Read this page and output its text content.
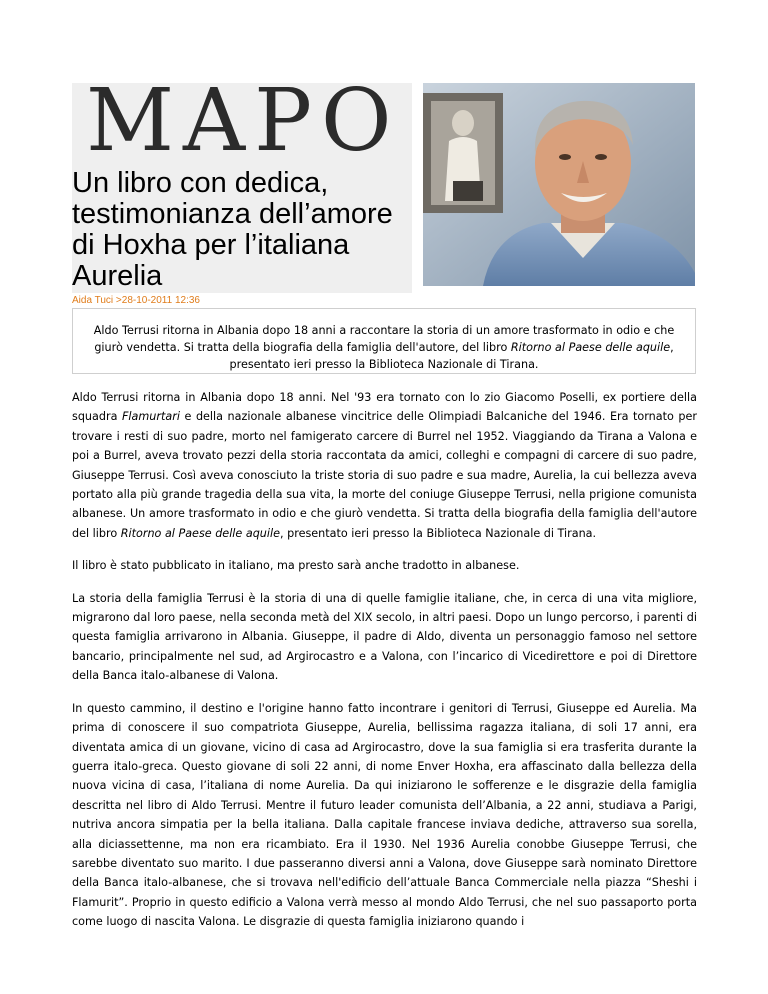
MAPO
Un libro con dedica, testimonianza dell’amore di Hoxha per l’italiana Aurelia
Aida Tuci >28-10-2011 12:36

Aldo Terrusi ritorna in Albania dopo 18 anni a raccontare la storia di un amore trasformato in odio e che giurò vendetta. Si tratta della biografia della famiglia dell'autore, del libro Ritorno al Paese delle aquile, presentato ieri presso la Biblioteca Nazionale di Tirana.

Aldo Terrusi ritorna in Albania dopo 18 anni. Nel '93 era tornato con lo zio Giacomo Poselli, ex portiere della squadra Flamurtari e della nazionale albanese vincitrice delle Olimpiadi Balcaniche del 1946. Era tornato per trovare i resti di suo padre, morto nel famigerato carcere di Burrel nel 1952. Viaggiando da Tirana a Valona e poi a Burrel, aveva trovato pezzi della storia raccontata da amici, colleghi e compagni di carcere di suo padre, Giuseppe Terrusi. Così aveva conosciuto la triste storia di suo padre e sua madre, Aurelia, la cui bellezza aveva portato alla più grande tragedia della sua vita, la morte del coniuge Giuseppe Terrusi, nella prigione comunista albanese. Un amore trasformato in odio e che giurò vendetta. Si tratta della biografia della famiglia dell'autore del libro Ritorno al Paese delle aquile, presentato ieri presso la Biblioteca Nazionale di Tirana.

Il libro è stato pubblicato in italiano, ma presto sarà anche tradotto in albanese.

La storia della famiglia Terrusi è la storia di una di quelle famiglie italiane, che, in cerca di una vita migliore, migrarono dal loro paese, nella seconda metà del XIX secolo, in altri paesi. Dopo un lungo percorso, i parenti di questa famiglia arrivarono in Albania. Giuseppe, il padre di Aldo, diventa un personaggio famoso nel settore bancario, principalmente nel sud, ad Argirocastro e a Valona, con l’incarico di Vicedirettore e poi di Direttore della Banca italo-albanese di Valona.

In questo cammino, il destino e l'origine hanno fatto incontrare i genitori di Terrusi, Giuseppe ed Aurelia. Ma prima di conoscere il suo compatriota Giuseppe, Aurelia, bellissima ragazza italiana, di soli 17 anni, era diventata amica di un giovane, vicino di casa ad Argirocastro, dove la sua famiglia si era trasferita durante la guerra italo-greca. Questo giovane di soli 22 anni, di nome Enver Hoxha, era affascinato dalla bellezza della nuova vicina di casa, l’italiana di nome Aurelia. Da qui iniziarono le sofferenze e le disgrazie della famiglia descritta nel libro di Aldo Terrusi. Mentre il futuro leader comunista dell’Albania, a 22 anni, studiava a Parigi, nutriva ancora simpatia per la bella italiana. Dalla capitale francese inviava dediche, attraverso sua sorella, alla diciassettenne, ma non era ricambiato. Era il 1930. Nel 1936 Aurelia conobbe Giuseppe Terrusi, che sarebbe diventato suo marito. I due passeranno diversi anni a Valona, dove Giuseppe sarà nominato Direttore della Banca italo-albanese, che si trovava nell'edificio dell’attuale Banca Commerciale nella piazza “Sheshi i Flamurit”. Proprio in questo edificio a Valona verrà messo al mondo Aldo Terrusi, che nel suo passaporto porta come luogo di nascita Valona. Le disgrazie di questa famiglia iniziarono quando i
